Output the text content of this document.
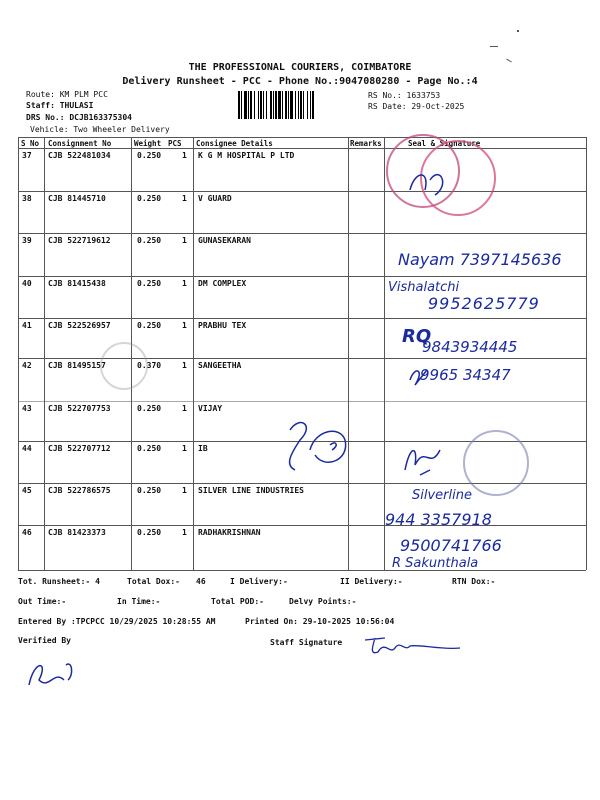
THE PROFESSIONAL COURIERS, COIMBATORE
Delivery Runsheet - PCC - Phone No.:9047080280 - Page No.:4
Route: KM PLM PCC
Staff: THULASI
DRS No.: DCJB163375304
Vehicle: Two Wheeler Delivery
RS No.: 1633753
RS Date: 29-Oct-2025
S No Consignment No	Weight PCS Consignee Details	Remarks	Seal & Signature
37 CJB 522481034	0.250	1 K G M HOSPITAL P LTD
38 CJB 81445710	0.250	1 V GUARD
39 CJB 522719612	0.250	1 GUNASEKARAN
40 CJB 81415438	0.250	1 DM COMPLEX
41 CJB 522526957	0.250	1 PRABHU TEX
42 CJB 81495157	0.370	1 SANGEETHA
43 CJB 522707753	0.250	1 VIJAY
44 CJB 522707712	0.250	1 IB
45 CJB 522786575	0.250	1 SILVER LINE INDUSTRIES
46 CJB 81423373	0.250	1 RADHAKRISHNAN
Nayam 7397145636
Vishalatchi
9952625779
RQ
9843934445
9965 34347
Silverline
944 3357918
9500741766
R Sakunthala
Tot. Runsheet:- 4	Total Dox:- 46	I Delivery:-	II Delivery:-	RTN Dox:-
Out Time:-	In Time:-	Total POD:-	Delvy Points:-
Entered By :TPCPCC 10/29/2025 10:28:55 AM	Printed On: 29-10-2025 10:56:04
Verified By	Staff Signature
